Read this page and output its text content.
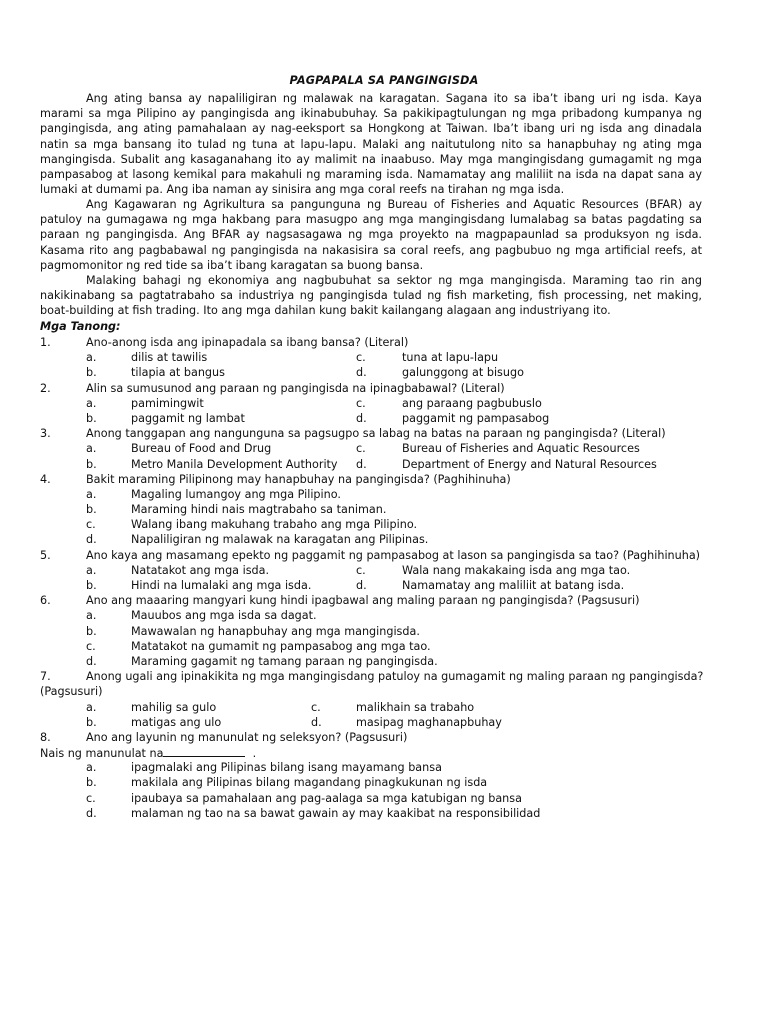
PAGPAPALA SA PANGINGISDA

Ang ating bansa ay napaliligiran ng malawak na karagatan. Sagana ito sa iba’t ibang uri ng isda. Kaya marami sa mga Pilipino ay pangingisda ang ikinabubuhay. Sa pakikipagtulungan ng mga pribadong kumpanya ng pangingisda, ang ating pamahalaan ay nag-eeksport sa Hongkong at Taiwan. Iba’t ibang uri ng isda ang dinadala natin sa mga bansang ito tulad ng tuna at lapu-lapu. Malaki ang naitutulong nito sa hanapbuhay ng ating mga mangingisda. Subalit ang kasaganahang ito ay malimit na inaabuso. May mga mangingisdang gumagamit ng mga pampasabog at lasong kemikal para makahuli ng maraming isda. Namamatay ang maliliit na isda na dapat sana ay lumaki at dumami pa. Ang iba naman ay sinisira ang mga coral reefs na tirahan ng mga isda.

Ang Kagawaran ng Agrikultura sa pangunguna ng Bureau of Fisheries and Aquatic Resources (BFAR) ay patuloy na gumagawa ng mga hakbang para masugpo ang mga mangingisdang lumalabag sa batas pagdating sa paraan ng pangingisda. Ang BFAR ay nagsasagawa ng mga proyekto na magpapaunlad sa produksyon ng isda. Kasama rito ang pagbabawal ng pangingisda na nakasisira sa coral reefs, ang pagbubuo ng mga artificial reefs, at pagmomonitor ng red tide sa iba’t ibang karagatan sa buong bansa.

Malaking bahagi ng ekonomiya ang nagbubuhat sa sektor ng mga mangingisda. Maraming tao rin ang nakikinabang sa pagtatrabaho sa industriya ng pangingisda tulad ng fish marketing, fish processing, net making, boat-building at fish trading. Ito ang mga dahilan kung bakit kailangang alagaan ang industriyang ito.

Mga Tanong:
1.	Ano-anong isda ang ipinapadala sa ibang bansa? (Literal)
a.	dilis at tawilis	c.	tuna at lapu-lapu
b.	tilapia at bangus	d.	galunggong at bisugo
2.	Alin sa sumusunod ang paraan ng pangingisda na ipinagbabawal? (Literal)
a.	pamimingwit	c.	ang paraang pagbubuslo
b.	paggamit ng lambat	d.	paggamit ng pampasabog
3.	Anong tanggapan ang nangunguna sa pagsugpo sa labag na batas na paraan ng pangingisda? (Literal)
a.	Bureau of Food and Drug	c.	Bureau of Fisheries and Aquatic Resources
b.	Metro Manila Development Authority d.	Department of Energy and Natural Resources
4.	Bakit maraming Pilipinong may hanapbuhay na pangingisda? (Paghihinuha)
a.	Magaling lumangoy ang mga Pilipino.
b.	Maraming hindi nais magtrabaho sa taniman.
c.	Walang ibang makuhang trabaho ang mga Pilipino.
d.	Napaliligiran ng malawak na karagatan ang Pilipinas.
5.	Ano kaya ang masamang epekto ng paggamit ng pampasabog at lason sa pangingisda sa tao? (Paghihinuha)
a.	Natatakot ang mga isda.	c.	Wala nang makakaing isda ang mga tao.
b.	Hindi na lumalaki ang mga isda.	d.	Namamatay ang maliliit at batang isda.
6.	Ano ang maaaring mangyari kung hindi ipagbawal ang maling paraan ng pangingisda? (Pagsusuri)
a.	Mauubos ang mga isda sa dagat.
b.	Mawawalan ng hanapbuhay ang mga mangingisda.
c.	Matatakot na gumamit ng pampasabog ang mga tao.
d.	Maraming gagamit ng tamang paraan ng pangingisda.
7.	Anong ugali ang ipinakikita ng mga mangingisdang patuloy na gumagamit ng maling paraan ng pangingisda?
(Pagsusuri)
a.	mahilig sa gulo	c.	malikhain sa trabaho
b.	matigas ang ulo	d.	masipag maghanapbuhay
8.	Ano ang layunin ng manunulat ng seleksyon? (Pagsusuri)
Nais ng manunulat na	.
a.	ipagmalaki ang Pilipinas bilang isang mayamang bansa
b.	makilala ang Pilipinas bilang magandang pinagkukunan ng isda
c.	ipaubaya sa pamahalaan ang pag-aalaga sa mga katubigan ng bansa
d.	malaman ng tao na sa bawat gawain ay may kaakibat na responsibilidad
